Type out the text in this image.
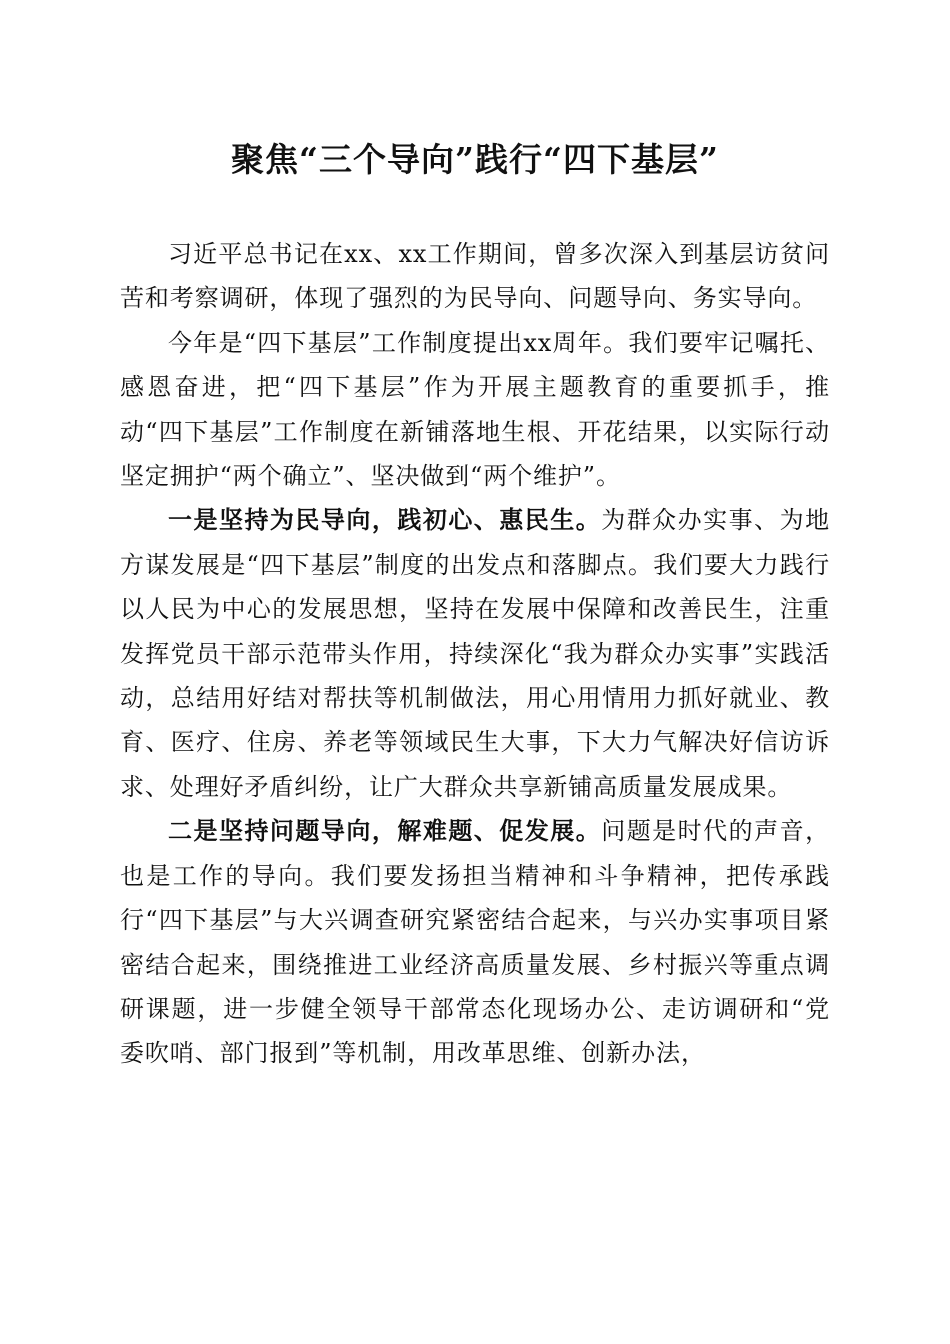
聚焦“三个导向”践行“四下基层”

习近平总书记在xx、xx工作期间，曾多次深入到基层访贫问苦和考察调研，体现了强烈的为民导向、问题导向、务实导向。

今年是“四下基层”工作制度提出xx周年。我们要牢记嘱托、感恩奋进，把“四下基层”作为开展主题教育的重要抓手，推动“四下基层”工作制度在新铺落地生根、开花结果，以实际行动坚定拥护“两个确立”、坚决做到“两个维护”。

一是坚持为民导向，践初心、惠民生。为群众办实事、为地方谋发展是“四下基层”制度的出发点和落脚点。我们要大力践行以人民为中心的发展思想，坚持在发展中保障和改善民生，注重发挥党员干部示范带头作用，持续深化“我为群众办实事”实践活动，总结用好结对帮扶等机制做法，用心用情用力抓好就业、教育、医疗、住房、养老等领域民生大事，下大力气解决好信访诉求、处理好矛盾纠纷，让广大群众共享新铺高质量发展成果。

二是坚持问题导向，解难题、促发展。问题是时代的声音，也是工作的导向。我们要发扬担当精神和斗争精神，把传承践行“四下基层”与大兴调查研究紧密结合起来，与兴办实事项目紧密结合起来，围绕推进工业经济高质量发展、乡村振兴等重点调研课题，进一步健全领导干部常态化现场办公、走访调研和“党委吹哨、部门报到”等机制，用改革思维、创新办法，
